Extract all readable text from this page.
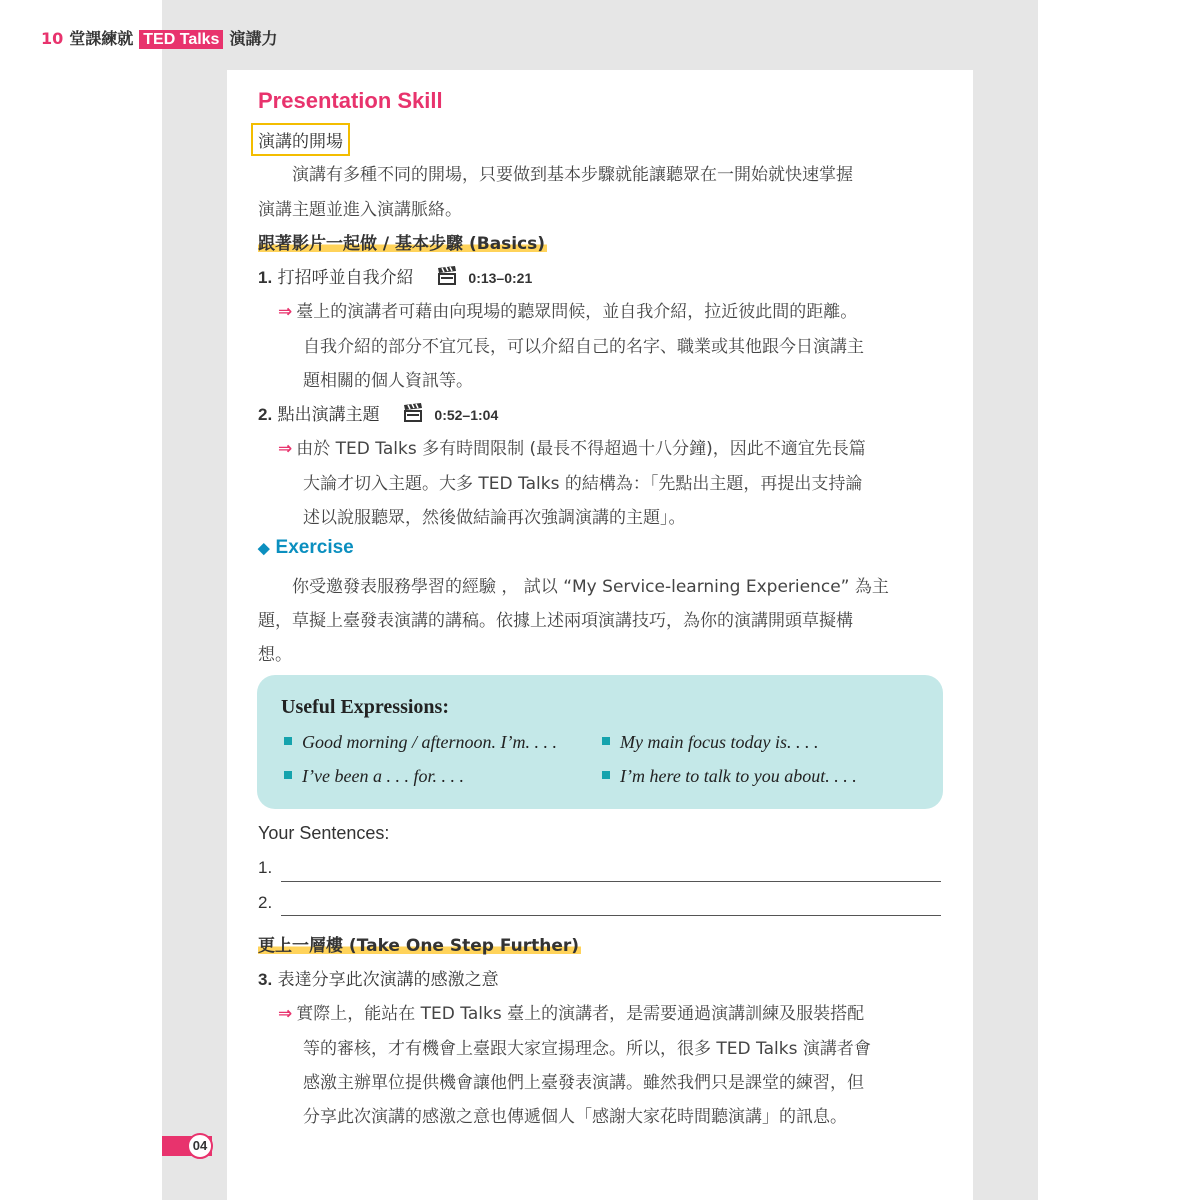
10 堂課練就 TED Talks 演講力
Presentation Skill
演講的開場
　　演講有多種不同的開場，只要做到基本步驟就能讓聽眾在一開始就快速掌握
演講主題並進入演講脈絡。
跟著影片一起做 / 基本步驟 (Basics)
1. 打招呼並自我介紹	0:13–0:21
⇒ 臺上的演講者可藉由向現場的聽眾問候，並自我介紹，拉近彼此間的距離。
自我介紹的部分不宜冗長，可以介紹自己的名字、職業或其他跟今日演講主
題相關的個人資訊等。
2. 點出演講主題	0:52–1:04
⇒ 由於 TED Talks 多有時間限制 (最長不得超過十八分鐘)，因此不適宜先長篇
大論才切入主題。大多 TED Talks 的結構為：「先點出主題，再提出支持論
述以說服聽眾，然後做結論再次強調演講的主題」。
◆ Exercise
　　你受邀發表服務學習的經驗 ， 試以 “My Service-learning Experience” 為主
題，草擬上臺發表演講的講稿。依據上述兩項演講技巧，為你的演講開頭草擬構
想。
Useful Expressions:
Good morning / afternoon. I’m. . . .	My main focus today is. . . .
I’ve been a . . . for. . . .	I’m here to talk to you about. . . .
Your Sentences:
1.
2.
更上一層樓 (Take One Step Further)
3. 表達分享此次演講的感激之意
⇒ 實際上，能站在 TED Talks 臺上的演講者，是需要通過演講訓練及服裝搭配
等的審核，才有機會上臺跟大家宣揚理念。所以，很多 TED Talks 演講者會
感激主辦單位提供機會讓他們上臺發表演講。雖然我們只是課堂的練習，但
分享此次演講的感激之意也傳遞個人「感謝大家花時間聽演講」的訊息。
04
